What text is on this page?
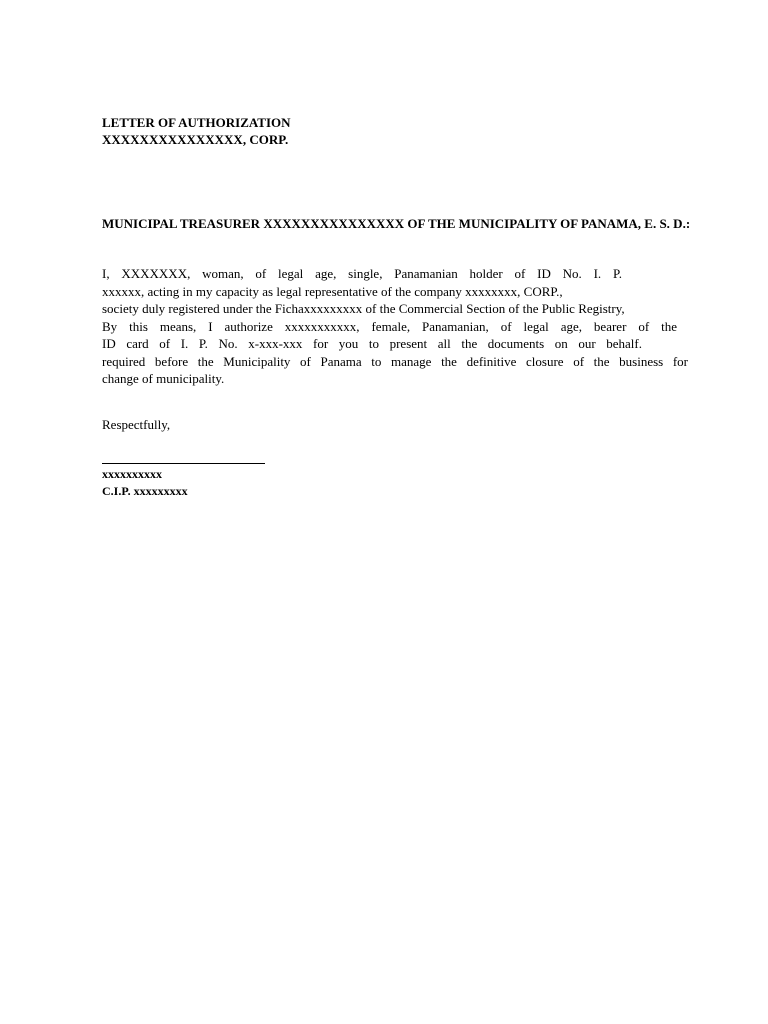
LETTER OF AUTHORIZATION
XXXXXXXXXXXXXXX, CORP.
MUNICIPAL TREASURER XXXXXXXXXXXXXXX OF THE MUNICIPALITY OF PANAMA, E. S. D.:
I, XXXXXXX, woman, of legal age, single, Panamanian holder of ID No. I. P.
xxxxxx, acting in my capacity as legal representative of the company xxxxxxxx, CORP.,
society duly registered under the Fichaxxxxxxxxx of the Commercial Section of the Public Registry,
By this means, I authorize xxxxxxxxxxx, female, Panamanian, of legal age, bearer of the
ID card of I. P. No. x-xxx-xxx for you to present all the documents on our behalf.
required before the Municipality of Panama to manage the definitive closure of the business for
change of municipality.
Respectfully,
xxxxxxxxxx
C.I.P. xxxxxxxxx
